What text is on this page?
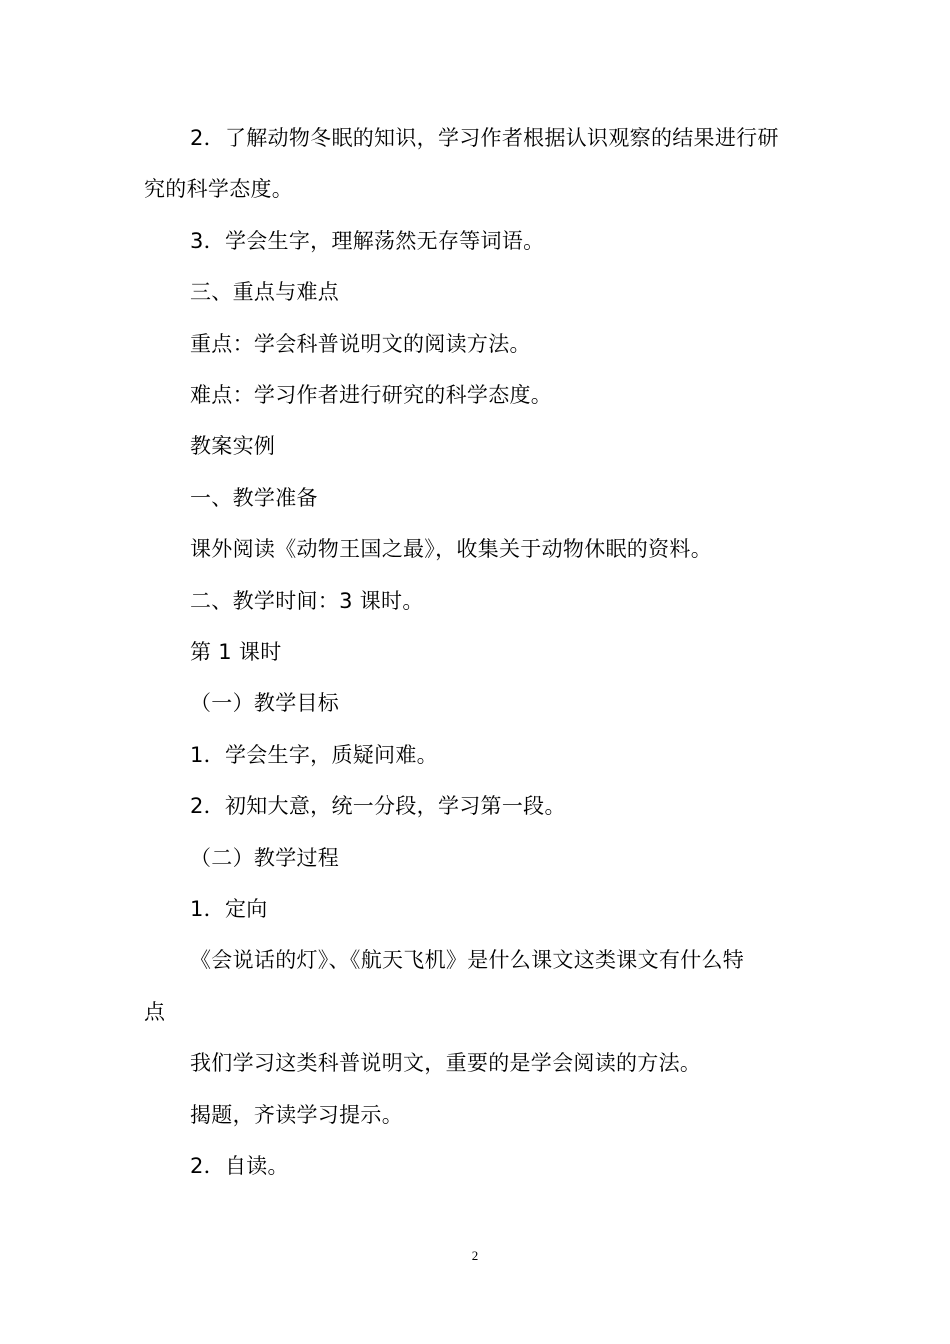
2．了解动物冬眠的知识，学习作者根据认识观察的结果进行研
究的科学态度。
3．学会生字，理解荡然无存等词语。
三、重点与难点
重点：学会科普说明文的阅读方法。
难点：学习作者进行研究的科学态度。
教案实例
一、教学准备
课外阅读《动物王国之最》，收集关于动物休眠的资料。
二、教学时间：3 课时。
第 1 课时
（一）教学目标
1．学会生字，质疑问难。
2．初知大意，统一分段，学习第一段。
（二）教学过程
1．定向
《会说话的灯》、《航天飞机》是什么课文这类课文有什么特
点
我们学习这类科普说明文，重要的是学会阅读的方法。
揭题，齐读学习提示。
2．自读。
2
